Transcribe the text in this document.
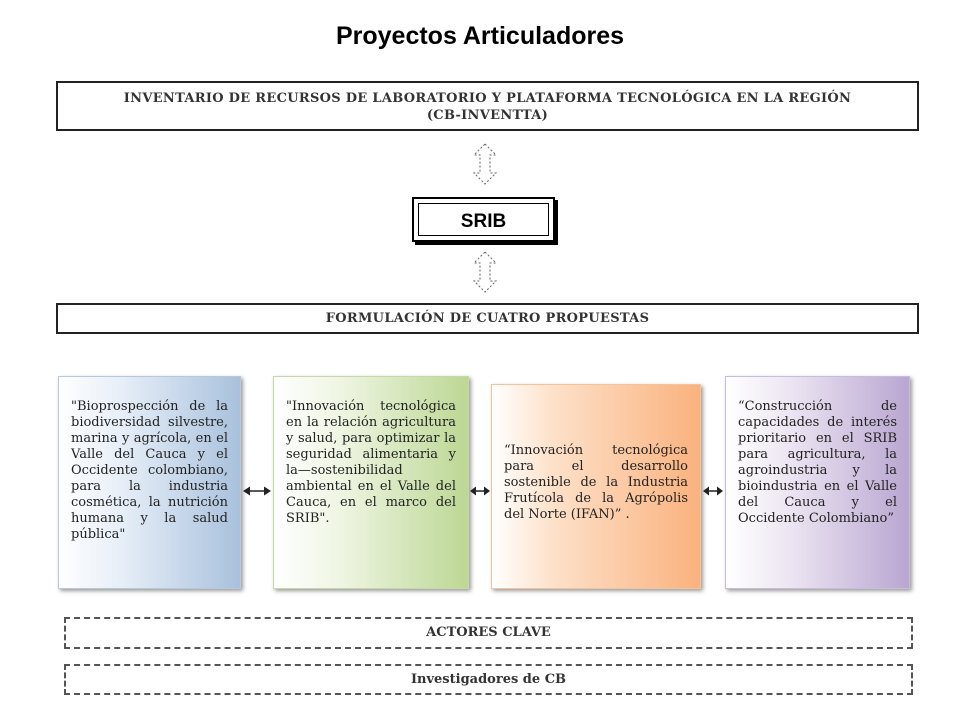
Proyectos Articuladores
INVENTARIO DE RECURSOS DE LABORATORIO Y PLATAFORMA TECNOLÓGICA EN LA REGIÓN
(CB-INVENTTA)
SRIB
FORMULACIÓN DE CUATRO PROPUESTAS
"Bioprospección de la biodiversidad silvestre, marina y agrícola, en el Valle del Cauca y el Occidente colombiano, para la industria cosmética, la nutrición humana y la salud pública"
"Innovación tecnológica en la relación agricultura y salud, para optimizar la seguridad alimentaria y la—sostenibilidad ambiental en el Valle del Cauca, en el marco del SRIB".
“Innovación tecnológica para el desarrollo sostenible de la Industria Frutícola de la Agrópolis del Norte (IFAN)” .
“Construcción de capacidades de interés prioritario en el SRIB para agricultura, la agroindustria y la bioindustria en el Valle del Cauca y el Occidente Colombiano”
ACTORES CLAVE
Investigadores de CB
